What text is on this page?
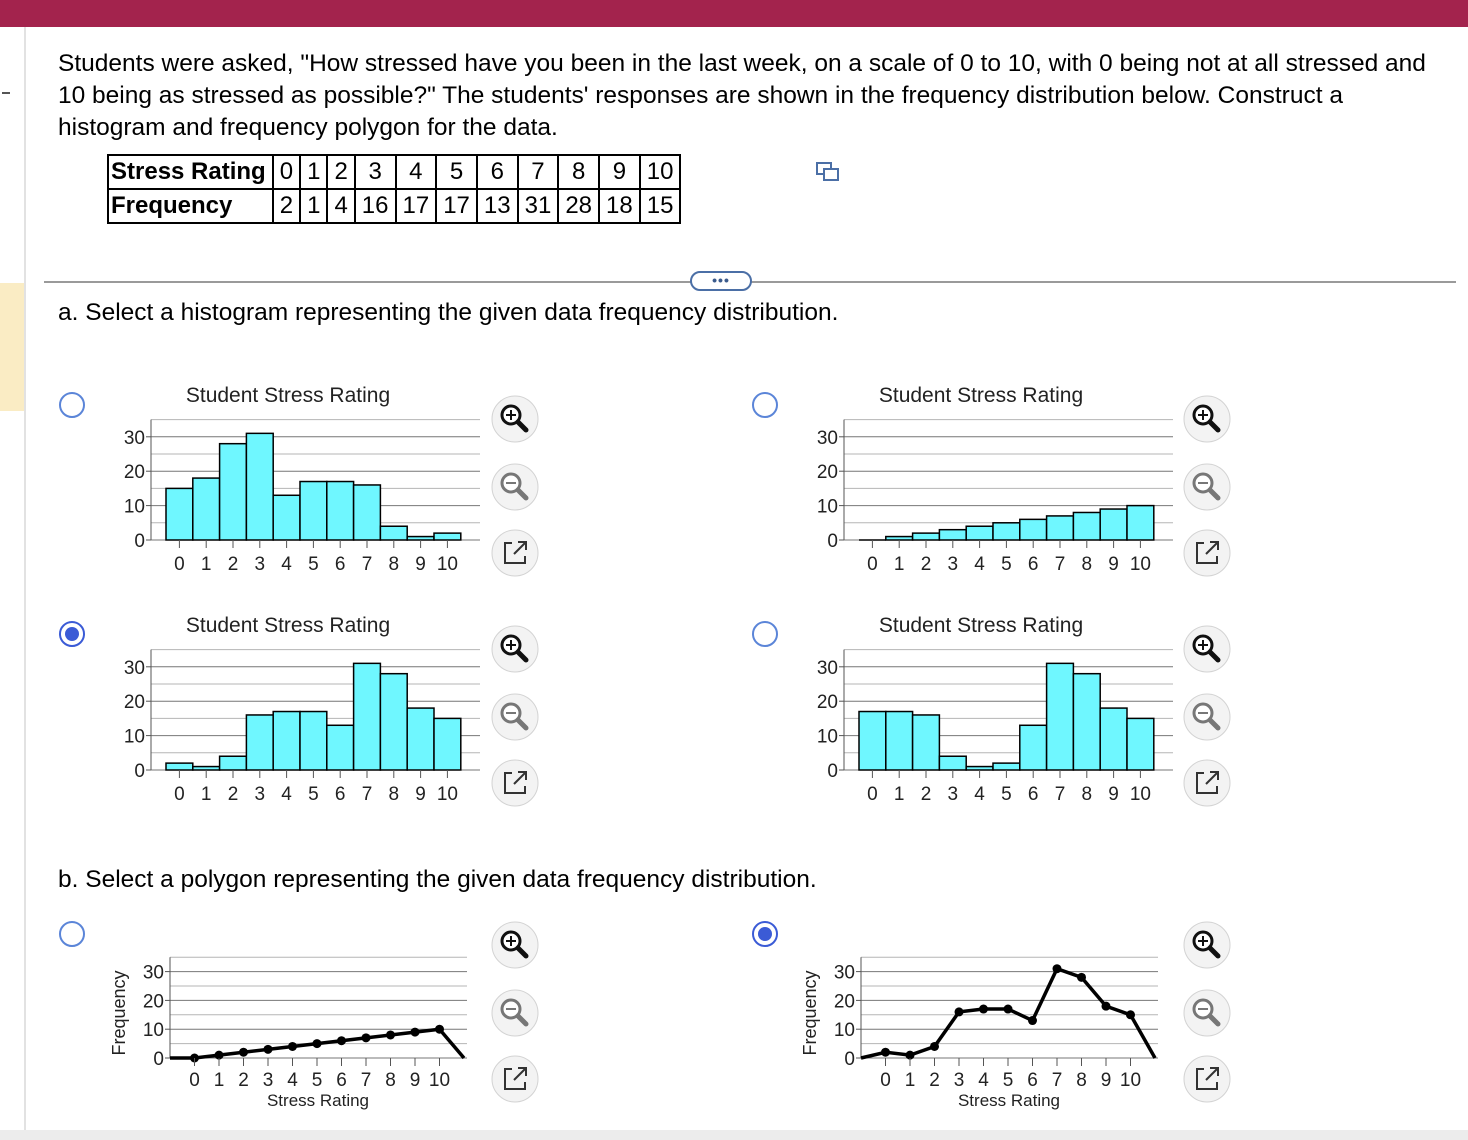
Students were asked, "How stressed have you been in the last week, on a scale of 0 to 10, with 0 being not at all stressed and 10 being as stressed as possible?" The students' responses are shown in the frequency distribution below. Construct a histogram and frequency polygon for the data.
Stress Rating	0	1	2	3	4	5	6	7	8	9	10
Frequency	2	1	4	16	17	17	13	31	28	18	15
•••
a. Select a histogram representing the given data frequency distribution.
b. Select a polygon representing the given data frequency distribution.
Student Stress Rating
0
10
20
30
0 1 2 3 4 5 6 7 8 9 10
Student Stress Rating
0
10
20
30
0 1 2 3 4 5 6 7 8 9 10
Student Stress Rating
0
10
20
30
0 1 2 3 4 5 6 7 8 9 10
Student Stress Rating
0
10
20
30
0 1 2 3 4 5 6 7 8 9 10
0
10
20
30
Frequency
0 1 2 3 4 5 6 7 8 9 10
Stress Rating
0
10
20
30
Frequency
0 1 2 3 4 5 6 7 8 9 10
Stress Rating
